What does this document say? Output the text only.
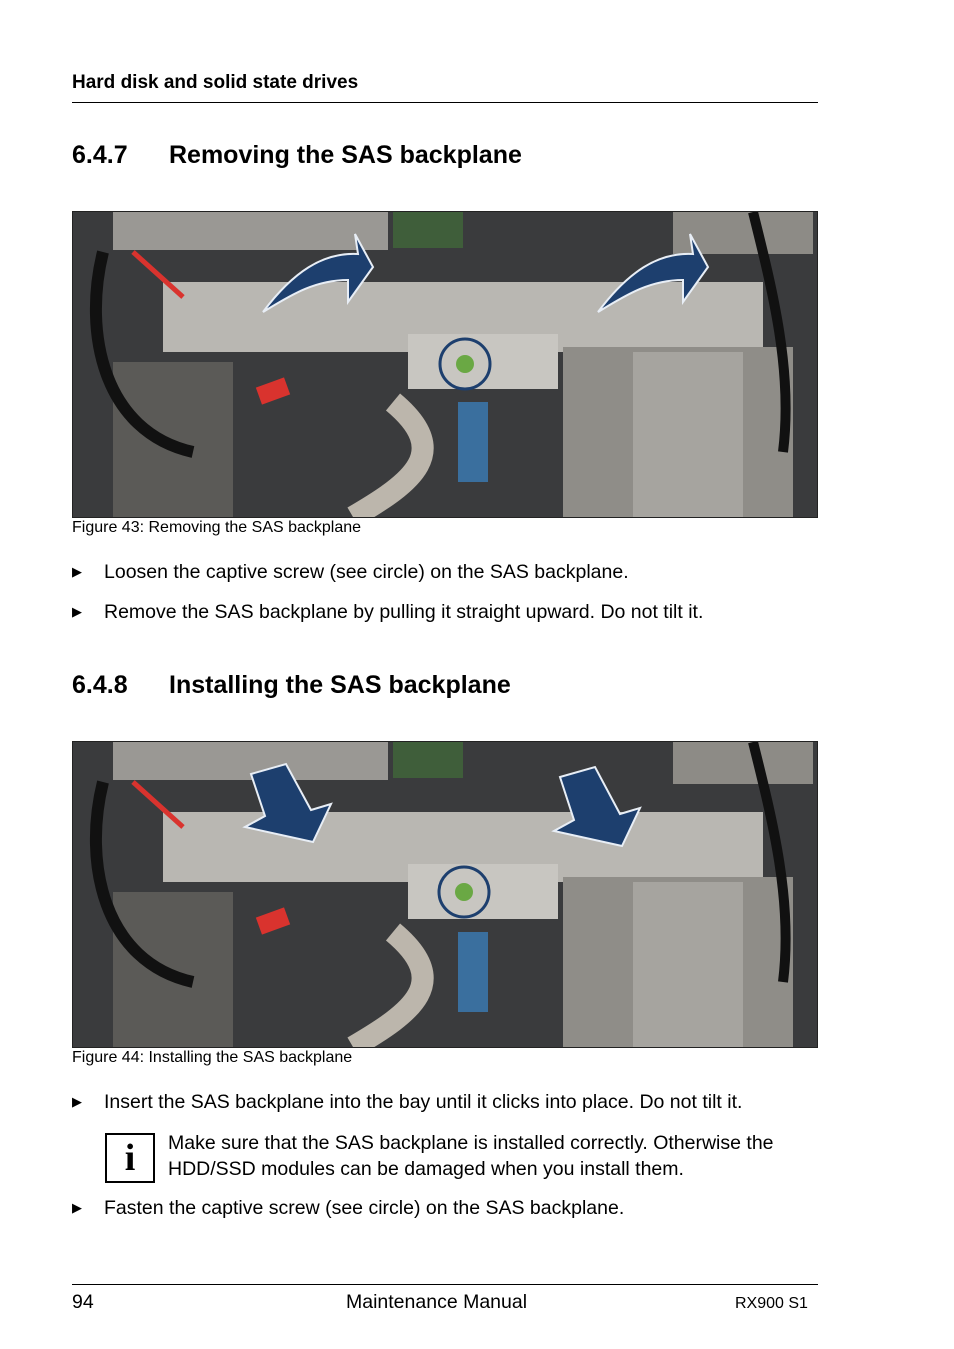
Hard disk and solid state drives
6.4.7 Removing the SAS backplane
Figure 43: Removing the SAS backplane
▶ Loosen the captive screw (see circle) on the SAS backplane.
▶ Remove the SAS backplane by pulling it straight upward. Do not tilt it.
6.4.8 Installing the SAS backplane
Figure 44: Installing the SAS backplane
▶ Insert the SAS backplane into the bay until it clicks into place. Do not tilt it.
i	Make sure that the SAS backplane is installed correctly. Otherwise the HDD/SSD modules can be damaged when you install them.
▶ Fasten the captive screw (see circle) on the SAS backplane.
94	Maintenance Manual	RX900 S1
